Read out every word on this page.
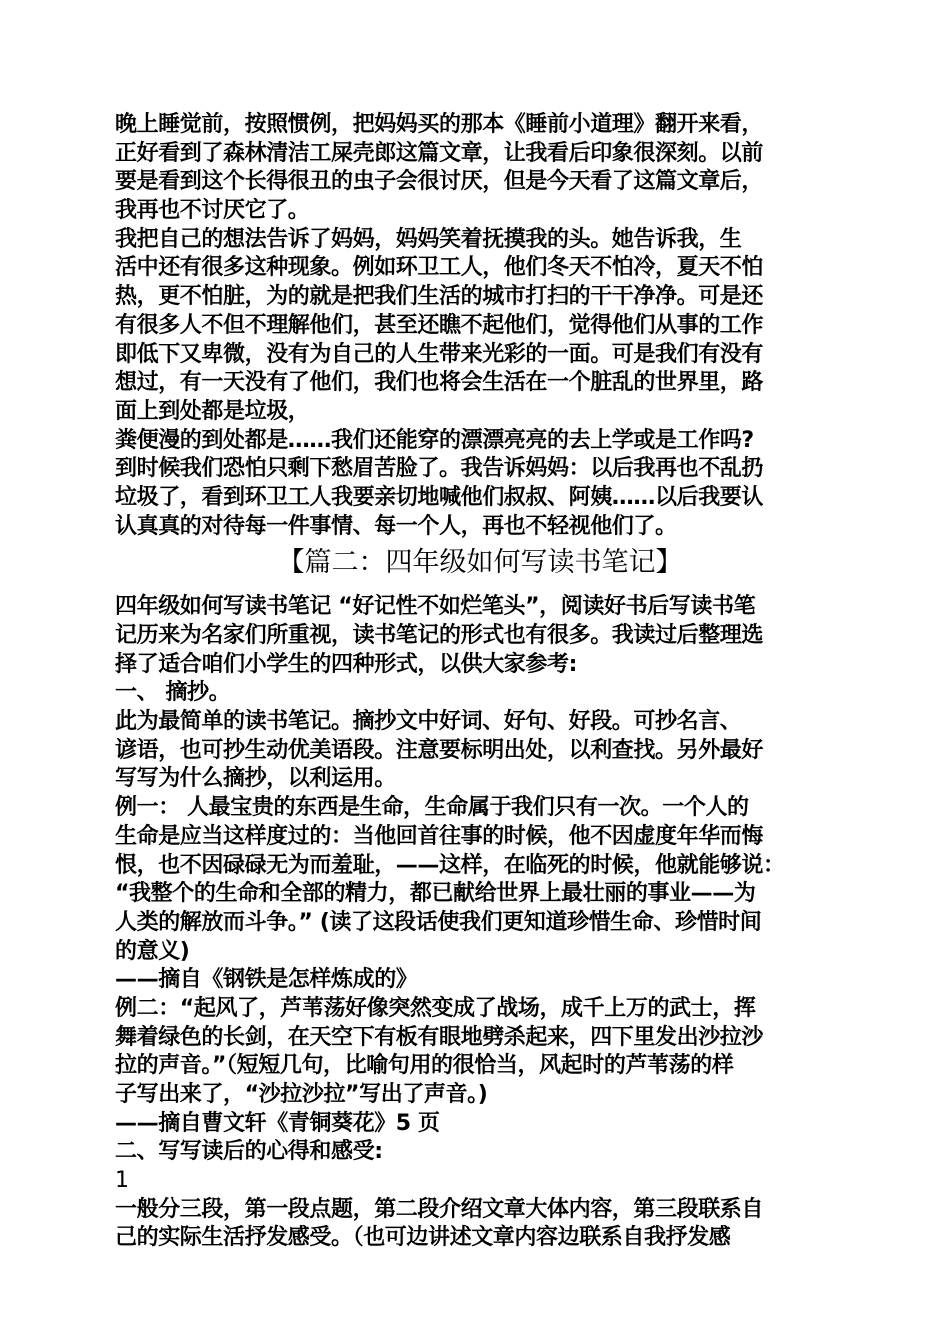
晚上睡觉前，按照惯例，把妈妈买的那本《睡前小道理》翻开来看，
正好看到了森林清洁工屎壳郎这篇文章，让我看后印象很深刻。以前
要是看到这个长得很丑的虫子会很讨厌，但是今天看了这篇文章后，
我再也不讨厌它了。
我把自己的想法告诉了妈妈，妈妈笑着抚摸我的头。她告诉我，生
活中还有很多这种现象。例如环卫工人，他们冬天不怕冷，夏天不怕
热，更不怕脏，为的就是把我们生活的城市打扫的干干净净。可是还
有很多人不但不理解他们，甚至还瞧不起他们，觉得他们从事的工作
即低下又卑微，没有为自己的人生带来光彩的一面。可是我们有没有
想过，有一天没有了他们，我们也将会生活在一个脏乱的世界里，路
面上到处都是垃圾，
粪便漫的到处都是……我们还能穿的漂漂亮亮的去上学或是工作吗?
到时候我们恐怕只剩下愁眉苦脸了。我告诉妈妈：以后我再也不乱扔
垃圾了，看到环卫工人我要亲切地喊他们叔叔、阿姨……以后我要认
认真真的对待每一件事情、每一个人，再也不轻视他们了。
【篇二：四年级如何写读书笔记】
四年级如何写读书笔记 “好记性不如烂笔头”，阅读好书后写读书笔
记历来为名家们所重视，读书笔记的形式也有很多。我读过后整理选
择了适合咱们小学生的四种形式，以供大家参考:
一、 摘抄。
此为最简单的读书笔记。摘抄文中好词、好句、好段。可抄名言、
谚语，也可抄生动优美语段。注意要标明出处，以利查找。另外最好
写写为什么摘抄，以利运用。
例一： 人最宝贵的东西是生命，生命属于我们只有一次。一个人的
生命是应当这样度过的：当他回首往事的时候，他不因虚度年华而悔
恨，也不因碌碌无为而羞耻，——这样，在临死的时候，他就能够说：
“我整个的生命和全部的精力，都已献给世界上最壮丽的事业——为
人类的解放而斗争。” (读了这段话使我们更知道珍惜生命、珍惜时间
的意义)
——摘自《钢铁是怎样炼成的》
例二：“起风了，芦苇荡好像突然变成了战场，成千上万的武士，挥
舞着绿色的长剑，在天空下有板有眼地劈杀起来，四下里发出沙拉沙
拉的声音。”（短短几句，比喻句用的很恰当，风起时的芦苇荡的样
子写出来了，“沙拉沙拉”写出了声音。)
——摘自曹文轩《青铜葵花》5 页
二、写写读后的心得和感受:
1
一般分三段，第一段点题，第二段介绍文章大体内容，第三段联系自
己的实际生活抒发感受。（也可边讲述文章内容边联系自我抒发感
